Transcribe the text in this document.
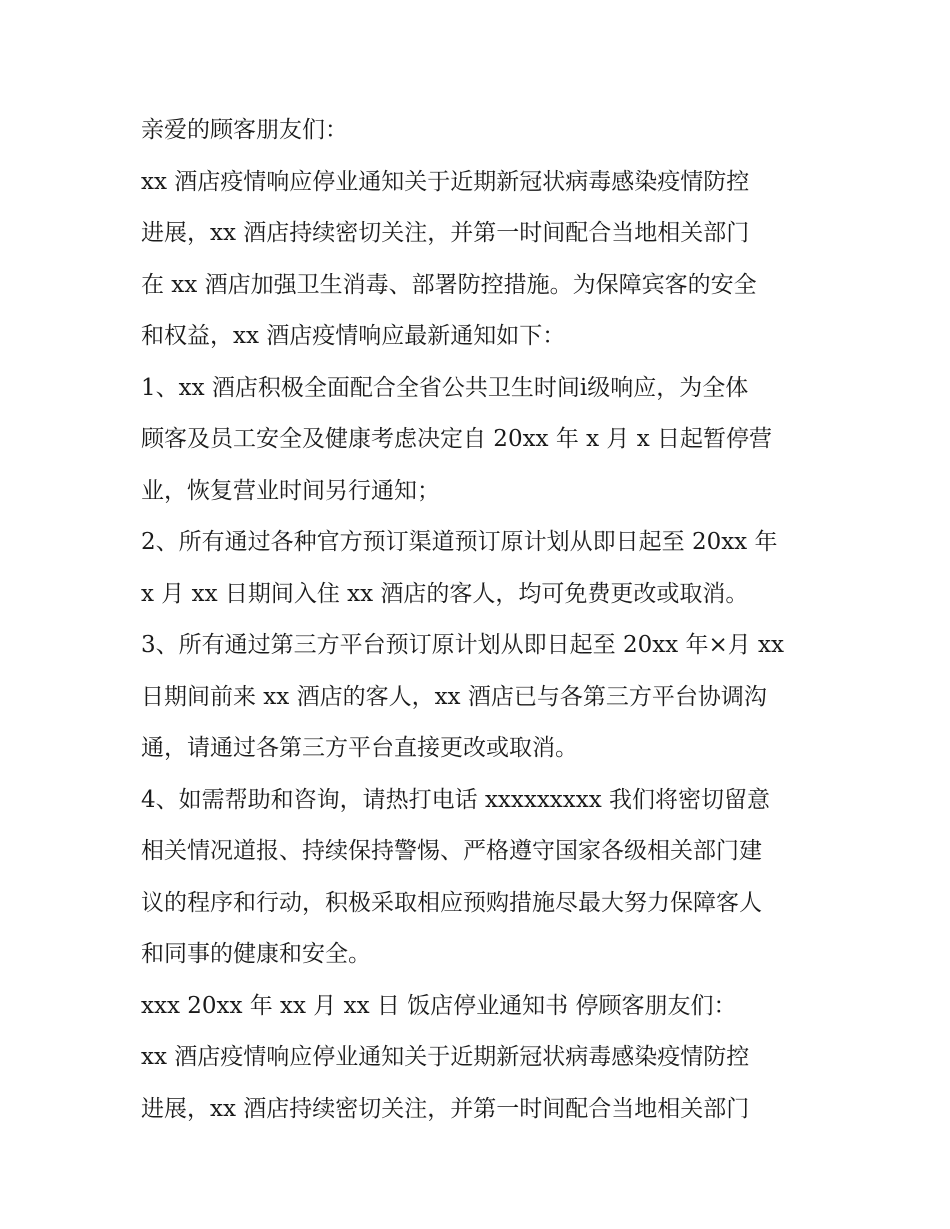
亲爱的顾客朋友们：
xx 酒店疫情响应停业通知关于近期新冠状病毒感染疫情防控
进展，xx 酒店持续密切关注，并第一时间配合当地相关部门
在 xx 酒店加强卫生消毒、部署防控措施。为保障宾客的安全
和权益，xx 酒店疫情响应最新通知如下：
1、xx 酒店积极全面配合全省公共卫生时间ⅰ级响应，为全体
顾客及员工安全及健康考虑决定自 20xx 年 x 月 x 日起暂停营
业，恢复营业时间另行通知；
2、所有通过各种官方预订渠道预订原计划从即日起至 20xx 年
x 月 xx 日期间入住 xx 酒店的客人，均可免费更改或取消。
3、所有通过第三方平台预订原计划从即日起至 20xx 年×月 xx
日期间前来 xx 酒店的客人，xx 酒店已与各第三方平台协调沟
通，请通过各第三方平台直接更改或取消。
4、如需帮助和咨询，请热打电话 xxxxxxxxx 我们将密切留意
相关情况道报、持续保持警惕、严格遵守国家各级相关部门建
议的程序和行动，积极采取相应预购措施尽最大努力保障客人
和同事的健康和安全。
xxx 20xx 年 xx 月 xx 日 饭店停业通知书 停顾客朋友们：
xx 酒店疫情响应停业通知关于近期新冠状病毒感染疫情防控
进展，xx 酒店持续密切关注，并第一时间配合当地相关部门
